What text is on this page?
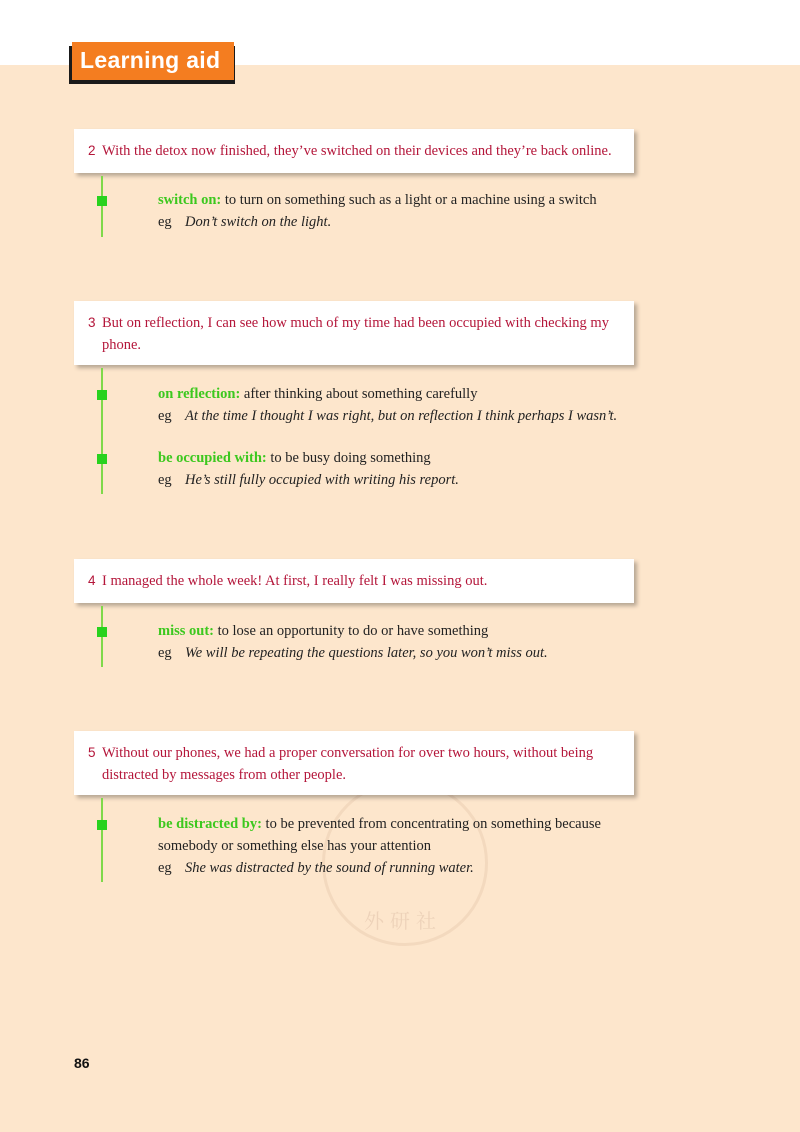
Learning aid
外研社
2 With the detox now finished, they’ve switched on their devices and they’re back online.
switch on: to turn on something such as a light or a machine using a switch
eg Don’t switch on the light.
3 But on reflection, I can see how much of my time had been occupied with checking my phone.
on reflection: after thinking about something carefully
eg At the time I thought I was right, but on reflection I think perhaps I wasn’t.
be occupied with: to be busy doing something
eg He’s still fully occupied with writing his report.
4 I managed the whole week! At first, I really felt I was missing out.
miss out: to lose an opportunity to do or have something
eg We will be repeating the questions later, so you won’t miss out.
5 Without our phones, we had a proper conversation for over two hours, without being distracted by messages from other people.
be distracted by: to be prevented from concentrating on something because somebody or something else has your attention
eg She was distracted by the sound of running water.
86
